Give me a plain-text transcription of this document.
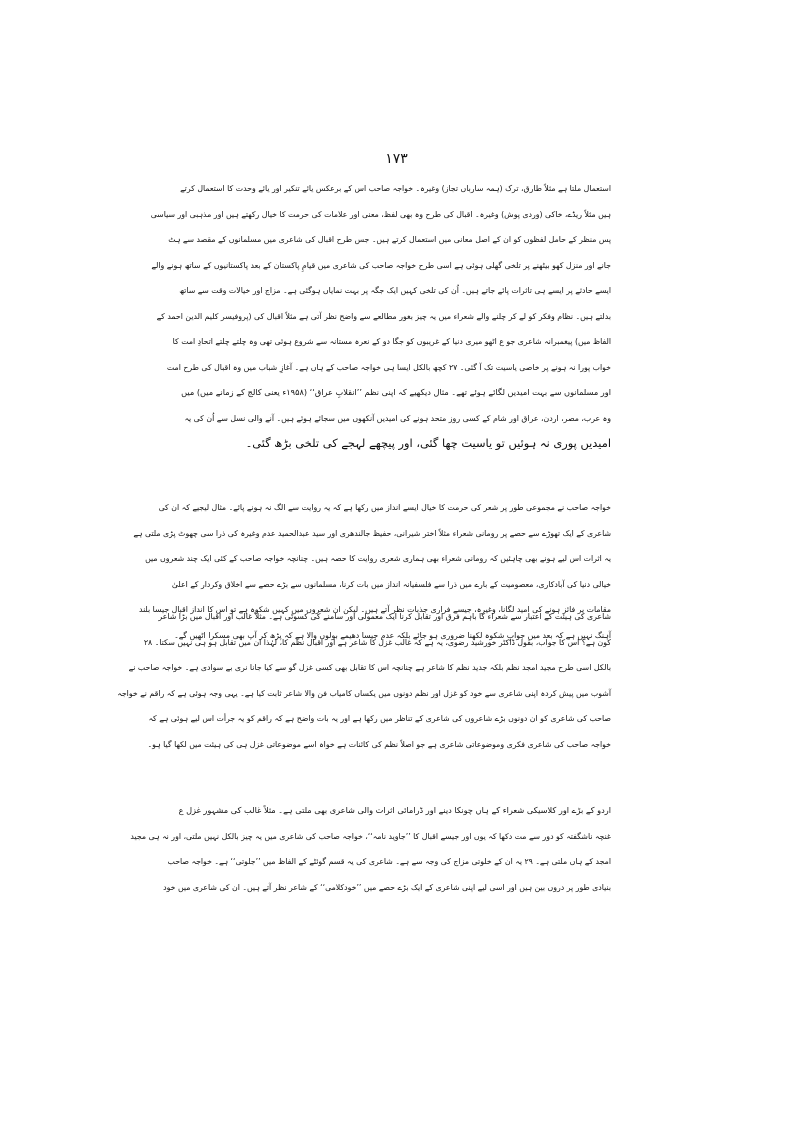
١٧٣
استعمال ملتا ہے مثلاً طارق، ترک (ہمہ سارباں تجاز) وغیرہ۔ خواجہ صاحب اس کے برعکس یائے تنکیر اور یائے وحدت کا استعمال کرتے
ہیں مثلاً ریڈے، خاکی (وردی پوش) وغیرہ۔ اقبال کی طرح وہ بھی لفظ، معنی اور علامات کی حرمت کا خیال رکھتے ہیں اور مذہبی اور سیاسی
پس منظر کے حامل لفظوں کو ان کے اصل معانی میں استعمال کرتے ہیں۔ جس طرح اقبال کی شاعری میں مسلمانوں کے مقصد سے ہٹ
جانے اور منزل کھو بیٹھنے پر تلخی گھلی ہوئی ہے اسی طرح خواجہ صاحب کی شاعری میں قیامِ پاکستان کے بعد پاکستانیوں کے ساتھ ہونے والے
ایسے حادثے پر ایسے ہی تاثرات پائے جاتے ہیں۔ اُن کی تلخی کہیں ایک جگہ پر بہت نمایاں ہوگئی ہے۔ مزاج اور خیالات وقت سے ساتھ
بدلتے ہیں۔ نظام وفکر کو لے کر چلنے والے شعراء میں یہ چیز بغور مطالعے سے واضح نظر آتی ہے مثلاً اقبال کی (پروفیسر کلیم الدین احمد کے
الفاظ میں) پیغمبرانہ شاعری جو ع اٹھو میری دنیا کے غریبوں کو جگا دو کے نعرہ مستانہ سے شروع ہوئی تھی وہ چلتے چلتے اتحادِ امت کا
خواب پورا نہ ہونے پر خاصی یاسیت تک آ گئی۔ ۲۷ کچھ بالکل ایسا ہی خواجہ صاحب کے ہاں ہے۔ آغازِ شباب میں وہ اقبال کی طرح امت
اور مسلمانوں سے بہت امیدیں لگائے ہوئے تھے۔ مثال دیکھیے کہ اپنی نظم ’’انقلابِ عراق‘‘ (۱۹۵۸ء یعنی کالج کے زمانے میں) میں
وہ عرب، مصر، اردن، عراق اور شام کے کسی روز متحد ہونے کی امیدیں آنکھوں میں سجائے ہوئے ہیں۔ آنے والی نسل سے اُن کی یہ
امیدیں پوری نہ ہوئیں تو یاسیت چھا گئی، اور پیچھے لہجے کی تلخی بڑھ گئی۔
خواجہ صاحب نے مجموعی طور پر شعر کی حرمت کا خیال ایسے انداز میں رکھا ہے کہ یہ روایت سے الگ نہ ہونے پائے۔ مثال لیجیے کہ ان کی
شاعری کے ایک تھوڑے سے حصے پر رومانی شعراء مثلاً اختر شیرانی، حفیظ جالندھری اور سید عبدالحمید عدم وغیرہ کی ذرا سی چھوٹ پڑی ملتی ہے
یہ اثرات اس لیے ہونے بھی چاہئیں کہ رومانی شعراء بھی ہماری شعری روایت کا حصہ ہیں۔ چنانچہ خواجہ صاحب کے کئی ایک چند شعروں میں
خیالی دنیا کی آبادکاری، معصومیت کے بارے میں ذرا سے فلسفیانہ انداز میں بات کرنا، مسلمانوں سے بڑے حصے سے اخلاق وکردار کے اعلیٰ
مقامات پر فائز ہونے کی امید لگانا، وغیرہ، جیسے فراری جذبات نظر آتے ہیں۔ لیکن ان شعروں میں کہیں شکوہ ہے تو اس کا انداز اقبال جیسا بلند
آہنگ نہیں ہے کہ بعد میں جوابِ شکوہ لکھنا ضروری ہو جائے بلکہ عدم جیسا دھیمے بولوں والا ہے کہ پڑھ کر آپ بھی مسکرا اٹھیں گے۔
شاعری کی ہیئت کے اعتبار سے شعراء کا باہم فرق اور تقابل کرنا ایک معمولی اور سامنے کی کسوٹی ہے۔ مثلاً غالب اور اقبال میں بڑا شاعر
کون ہے؟ اس کا جواب، بقول ڈاکٹر خورشید رضوی، یہ ہے کہ غالب غزل کا شاعر ہے اور اقبال نظم کا، لہٰذا ان میں تقابل ہو ہی نہیں سکتا۔ ۲۸
بالکل اسی طرح مجید امجد نظم بلکہ جدید نظم کا شاعر ہے چنانچہ اس کا تقابل بھی کسی غزل گو سے کیا جانا نری بے سوادی ہے۔ خواجہ صاحب نے
آشوب میں پیش کردہ اپنی شاعری سے خود کو غزل اور نظم دونوں میں یکساں کامیاب فن والا شاعر ثابت کیا ہے۔ یہی وجہ ہوئی ہے کہ راقم نے خواجہ
صاحب کی شاعری کو ان دونوں بڑے شاعروں کی شاعری کے تناظر میں رکھا ہے اور یہ بات واضح ہے کہ راقم کو یہ جرأت اس لیے ہوئی ہے کہ
خواجہ صاحب کی شاعری فکری وموضوعاتی شاعری ہے جو اصلاً نظم کی کائنات ہے خواہ اسے موضوعاتی غزل ہی کی ہیئت میں لکھا گیا ہو۔
اردو کے بڑے اور کلاسیکی شعراء کے ہاں چونکا دینے اور ڈرامائی اثرات والی شاعری بھی ملتی ہے۔ مثلاً غالب کی مشہور غزل ع
غنچہ ناشگفتہ کو دور سے مت دکھا کہ یوں اور جیسے اقبال کا ’’جاوید نامہ‘‘، خواجہ صاحب کی شاعری میں یہ چیز بالکل نہیں ملتی، اور نہ ہی مجید
امجد کے ہاں ملتی ہے۔ ۲۹ یہ ان کے خلوتی مزاج کی وجہ سے ہے۔ شاعری کی یہ قسم گوئٹے کے الفاظ میں ’’جلوتی‘‘ ہے۔ خواجہ صاحب
بنیادی طور پر دروں بین ہیں اور اسی لیے اپنی شاعری کے ایک بڑے حصے میں ’’خودکلامی‘‘ کے شاعر نظر آتے ہیں۔ ان کی شاعری میں خود
